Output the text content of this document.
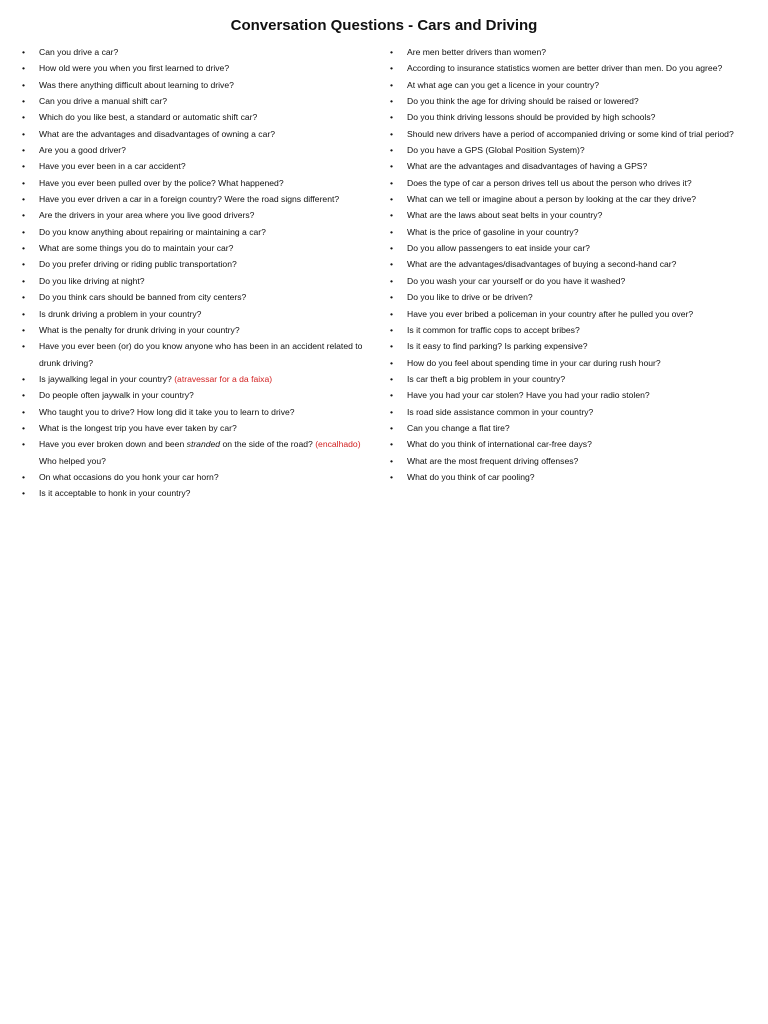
Conversation Questions - Cars and Driving
• Can you drive a car?
• How old were you when you first learned to drive?
• Was there anything difficult about learning to drive?
• Can you drive a manual shift car?
• Which do you like best, a standard or automatic shift car?
• What are the advantages and disadvantages of owning a car?
• Are you a good driver?
• Have you ever been in a car accident?
• Have you ever been pulled over by the police? What happened?
• Have you ever driven a car in a foreign country? Were the road signs different?
• Are the drivers in your area where you live good drivers?
• Do you know anything about repairing or maintaining a car?
• What are some things you do to maintain your car?
• Do you prefer driving or riding public transportation?
• Do you like driving at night?
• Do you think cars should be banned from city centers?
• Is drunk driving a problem in your country?
• What is the penalty for drunk driving in your country?
• Have you ever been (or) do you know anyone who has been in an accident related to drunk driving?
• Is jaywalking legal in your country? (atravessar for a da faixa)
• Do people often jaywalk in your country?
• Who taught you to drive? How long did it take you to learn to drive?
• What is the longest trip you have ever taken by car?
• Have you ever broken down and been stranded on the side of the road? (encalhado) Who helped you?
• On what occasions do you honk your car horn?
• Is it acceptable to honk in your country?
• Are men better drivers than women?
• According to insurance statistics women are better driver than men. Do you agree?
• At what age can you get a licence in your country?
• Do you think the age for driving should be raised or lowered?
• Do you think driving lessons should be provided by high schools?
• Should new drivers have a period of accompanied driving or some kind of trial period?
• Do you have a GPS (Global Position System)?
• What are the advantages and disadvantages of having a GPS?
• Does the type of car a person drives tell us about the person who drives it?
• What can we tell or imagine about a person by looking at the car they drive?
• What are the laws about seat belts in your country?
• What is the price of gasoline in your country?
• Do you allow passengers to eat inside your car?
• What are the advantages/disadvantages of buying a second-hand car?
• Do you wash your car yourself or do you have it washed?
• Do you like to drive or be driven?
• Have you ever bribed a policeman in your country after he pulled you over?
• Is it common for traffic cops to accept bribes?
• Is it easy to find parking? Is parking expensive?
• How do you feel about spending time in your car during rush hour?
• Is car theft a big problem in your country?
• Have you had your car stolen? Have you had your radio stolen?
• Is road side assistance common in your country?
• Can you change a flat tire?
• What do you think of international car-free days?
• What are the most frequent driving offenses?
• What do you think of car pooling?
